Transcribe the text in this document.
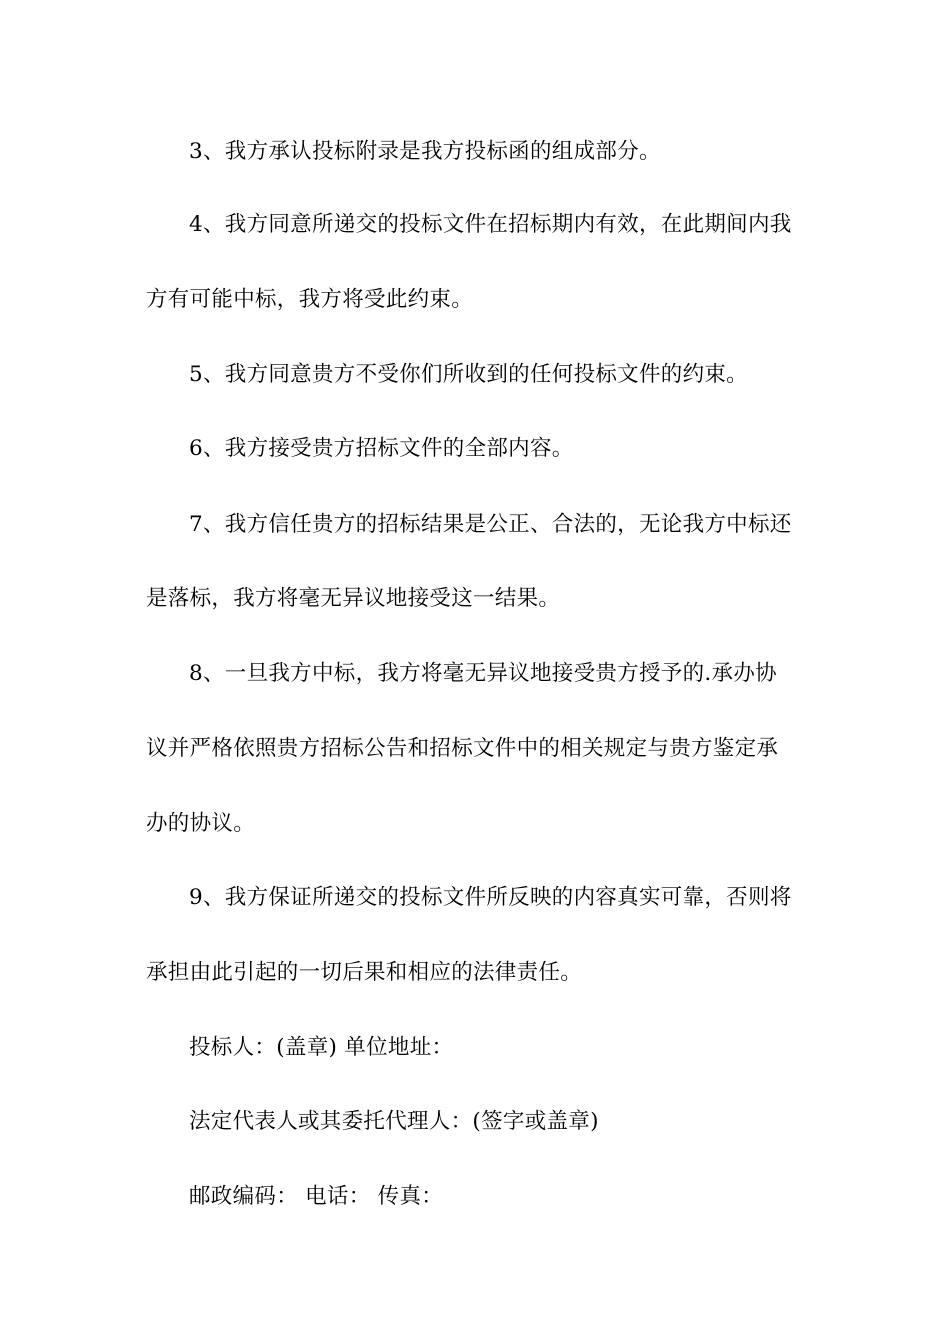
3、我方承认投标附录是我方投标函的组成部分。
4、我方同意所递交的投标文件在招标期内有效，在此期间内我
方有可能中标，我方将受此约束。
5、我方同意贵方不受你们所收到的任何投标文件的约束。
6、我方接受贵方招标文件的全部内容。
7、我方信任贵方的招标结果是公正、合法的，无论我方中标还
是落标，我方将毫无异议地接受这一结果。
8、一旦我方中标，我方将毫无异议地接受贵方授予的.承办协
议并严格依照贵方招标公告和招标文件中的相关规定与贵方鉴定承
办的协议。
9、我方保证所递交的投标文件所反映的内容真实可靠，否则将
承担由此引起的一切后果和相应的法律责任。
投标人：(盖章) 单位地址：
法定代表人或其委托代理人：(签字或盖章)
邮政编码： 电话： 传真：
